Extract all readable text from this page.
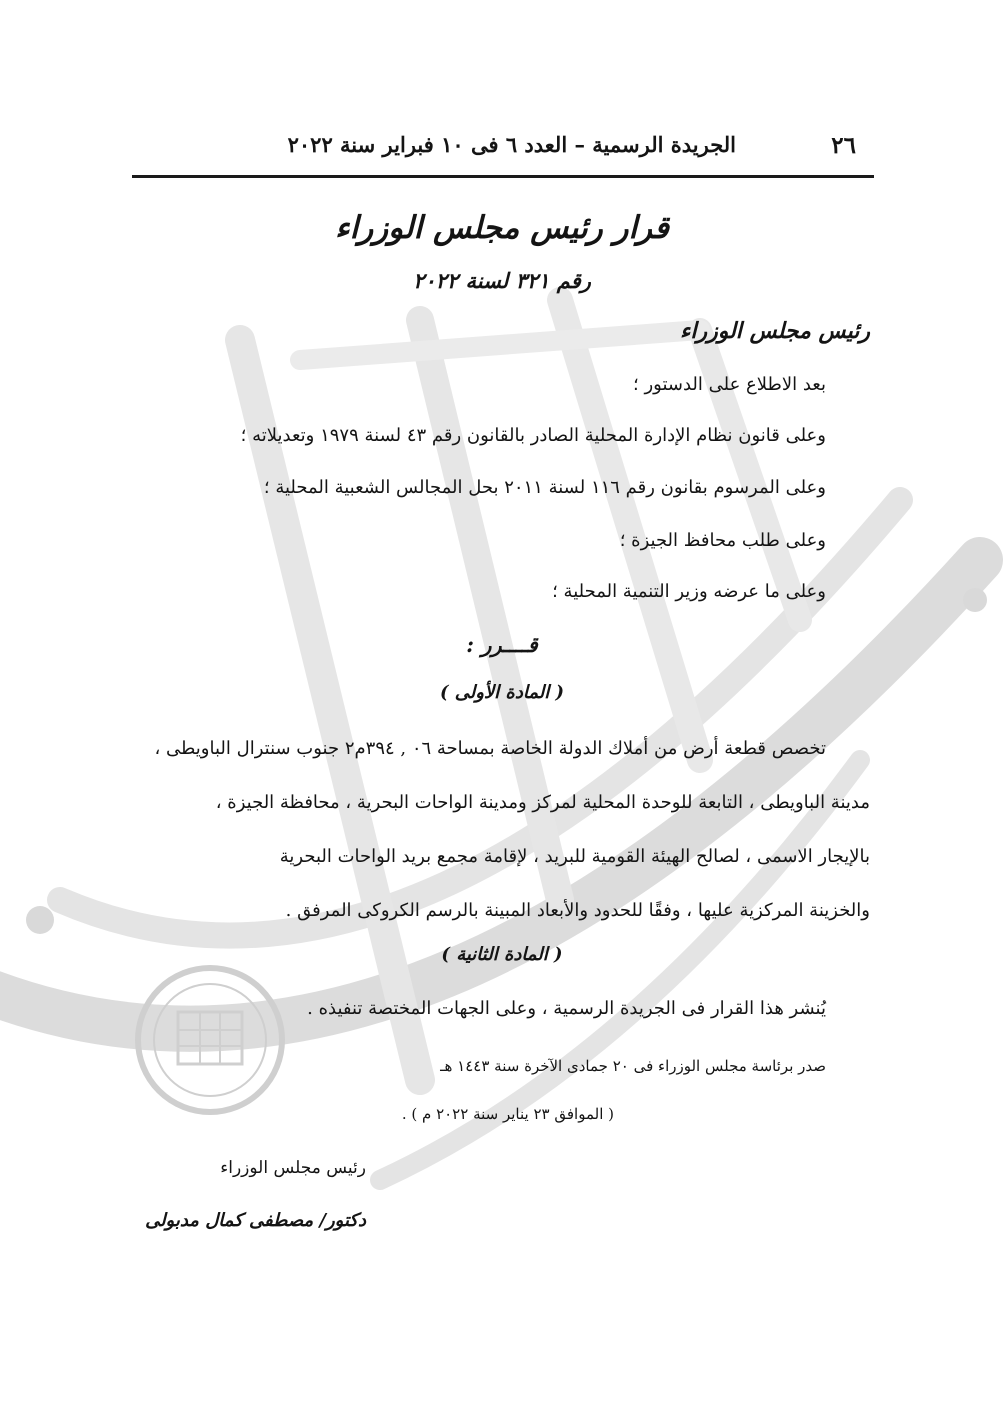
٢٦
الجريدة الرسمية – العدد ٦ فى ١٠ فبراير سنة ٢٠٢٢
قرار رئيس مجلس الوزراء
رقم ٣٢١ لسنة ٢٠٢٢
رئيس مجلس الوزراء
بعد الاطلاع على الدستور ؛
وعلى قانون نظام الإدارة المحلية الصادر بالقانون رقم ٤٣ لسنة ١٩٧٩ وتعديلاته ؛
وعلى المرسوم بقانون رقم ١١٦ لسنة ٢٠١١ بحل المجالس الشعبية المحلية ؛
وعلى طلب محافظ الجيزة ؛
وعلى ما عرضه وزير التنمية المحلية ؛
قــــرر :
( المادة الأولى )
تخصص قطعة أرض من أملاك الدولة الخاصة بمساحة ٠٦ , ٣٩٤م٢ جنوب سنترال الباويطى ،
مدينة الباويطى ، التابعة للوحدة المحلية لمركز ومدينة الواحات البحرية ، محافظة الجيزة ،
بالإيجار الاسمى ، لصالح الهيئة القومية للبريد ، لإقامة مجمع بريد الواحات البحرية
والخزينة المركزية عليها ، وفقًا للحدود والأبعاد المبينة بالرسم الكروكى المرفق .
( المادة الثانية )
يُنشر هذا القرار فى الجريدة الرسمية ، وعلى الجهات المختصة تنفيذه .
صدر برئاسة مجلس الوزراء فى ٢٠ جمادى الآخرة سنة ١٤٤٣ هـ
( الموافق ٢٣ يناير سنة ٢٠٢٢ م ) .
رئيس مجلس الوزراء
دكتور/ مصطفى كمال مدبولى
